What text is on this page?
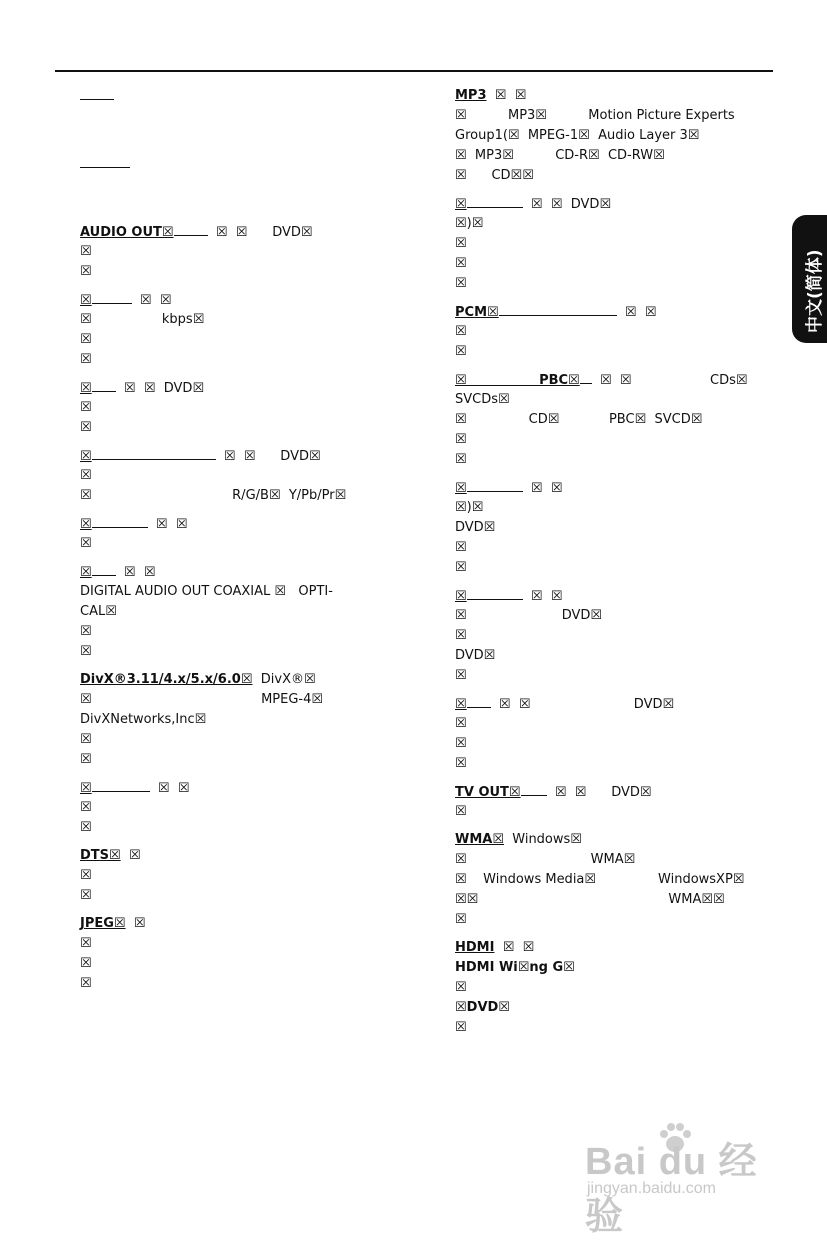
AUDIO OUT☒	☒  ☒      DVD☒
☒
☒
☒	☒  ☒
☒                 kbps☒
☒
☒
☒  ☒  ☒  DVD☒
☒
☒
☒	☒  ☒      DVD☒
☒
☒                                  R/G/B☒  Y/Pb/Pr☒
☒	☒  ☒
☒
☒  ☒  ☒
DIGITAL AUDIO OUT COAXIAL ☒   OPTI-
CAL☒
☒
☒
DivX®3.11/4.x/5.x/6.0☒  DivX®☒
☒                                         MPEG-4☒
DivXNetworks,Inc☒
☒
☒
☒	☒  ☒
☒
☒
DTS☒  ☒
☒
☒
JPEG☒  ☒
☒
☒
☒
MP3  ☒  ☒
☒          MP3☒          Motion Picture Experts
Group1(☒  MPEG-1☒  Audio Layer 3☒
☒  MP3☒          CD-R☒  CD-RW☒
☒      CD☒☒
☒	☒  ☒  DVD☒
☒)☒
☒
☒
☒
PCM☒	☒  ☒
☒
☒
☒                PBC☒  ☒  ☒                   CDs☒
SVCDs☒
☒               CD☒            PBC☒  SVCD☒
☒
☒
☒	☒  ☒
☒)☒
DVD☒
☒
☒
☒	☒  ☒
☒                       DVD☒
☒
DVD☒
☒
☒  ☒  ☒                         DVD☒
☒
☒
☒
TV OUT☒  ☒  ☒      DVD☒
☒
WMA☒  Windows☒
☒                              WMA☒
☒    Windows Media☒               WindowsXP☒
☒☒                                              WMA☒☒
☒
HDMI  ☒  ☒
HDMI Wi☒ng G☒
☒
☒DVD☒
☒
中文(简体)
Bai du 经验
jingyan.baidu.com
